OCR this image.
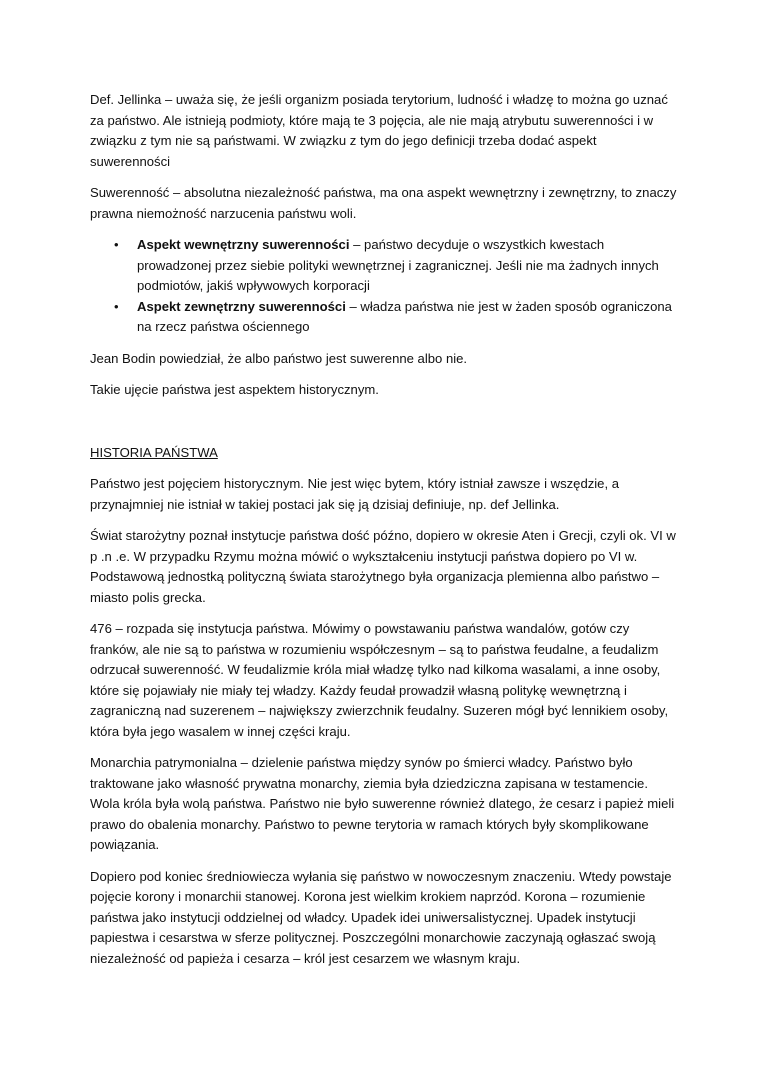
Def. Jellinka – uważa się, że jeśli organizm posiada terytorium, ludność i władzę to można go uznać za państwo. Ale istnieją podmioty, które mają te 3 pojęcia, ale nie mają atrybutu suwerenności i w związku z tym nie są państwami. W związku z tym do jego definicji trzeba dodać aspekt suwerenności

Suwerenność – absolutna niezależność państwa, ma ona aspekt wewnętrzny i zewnętrzny, to znaczy prawna niemożność narzucenia państwu woli.

• Aspekt wewnętrzny suwerenności – państwo decyduje o wszystkich kwestach prowadzonej przez siebie polityki wewnętrznej i zagranicznej. Jeśli nie ma żadnych innych podmiotów, jakiś wpływowych korporacji
• Aspekt zewnętrzny suwerenności – władza państwa nie jest w żaden sposób ograniczona na rzecz państwa ościennego

Jean Bodin powiedział, że albo państwo jest suwerenne albo nie.

Takie ujęcie państwa jest aspektem historycznym.

HISTORIA PAŃSTWA

Państwo jest pojęciem historycznym. Nie jest więc bytem, który istniał zawsze i wszędzie, a przynajmniej nie istniał w takiej postaci jak się ją dzisiaj definiuje, np. def Jellinka.

Świat starożytny poznał instytucje państwa dość późno, dopiero w okresie Aten i Grecji, czyli ok. VI w p .n .e. W przypadku Rzymu można mówić o wykształceniu instytucji państwa dopiero po VI w. Podstawową jednostką polityczną świata starożytnego była organizacja plemienna albo państwo – miasto polis grecka.

476 – rozpada się instytucja państwa. Mówimy o powstawaniu państwa wandalów, gotów czy franków, ale nie są to państwa w rozumieniu współczesnym – są to państwa feudalne, a feudalizm odrzucał suwerenność. W feudalizmie króla miał władzę tylko nad kilkoma wasalami, a inne osoby, które się pojawiały nie miały tej władzy. Każdy feudał prowadził własną politykę wewnętrzną i zagraniczną nad suzerenem – największy zwierzchnik feudalny. Suzeren mógł być lennikiem osoby, która była jego wasalem w innej części kraju.

Monarchia patrymonialna – dzielenie państwa między synów po śmierci władcy. Państwo było traktowane jako własność prywatna monarchy, ziemia była dziedziczna zapisana w testamencie. Wola króla była wolą państwa. Państwo nie było suwerenne również dlatego, że cesarz i papież mieli prawo do obalenia monarchy. Państwo to pewne terytoria w ramach których były skomplikowane powiązania.

Dopiero pod koniec średniowiecza wyłania się państwo w nowoczesnym znaczeniu. Wtedy powstaje pojęcie korony i monarchii stanowej. Korona jest wielkim krokiem naprzód. Korona – rozumienie państwa jako instytucji oddzielnej od władcy. Upadek idei uniwersalistycznej. Upadek instytucji papiestwa i cesarstwa w sferze politycznej. Poszczególni monarchowie zaczynają ogłaszać swoją niezależność od papieża i cesarza – król jest cesarzem we własnym kraju.
